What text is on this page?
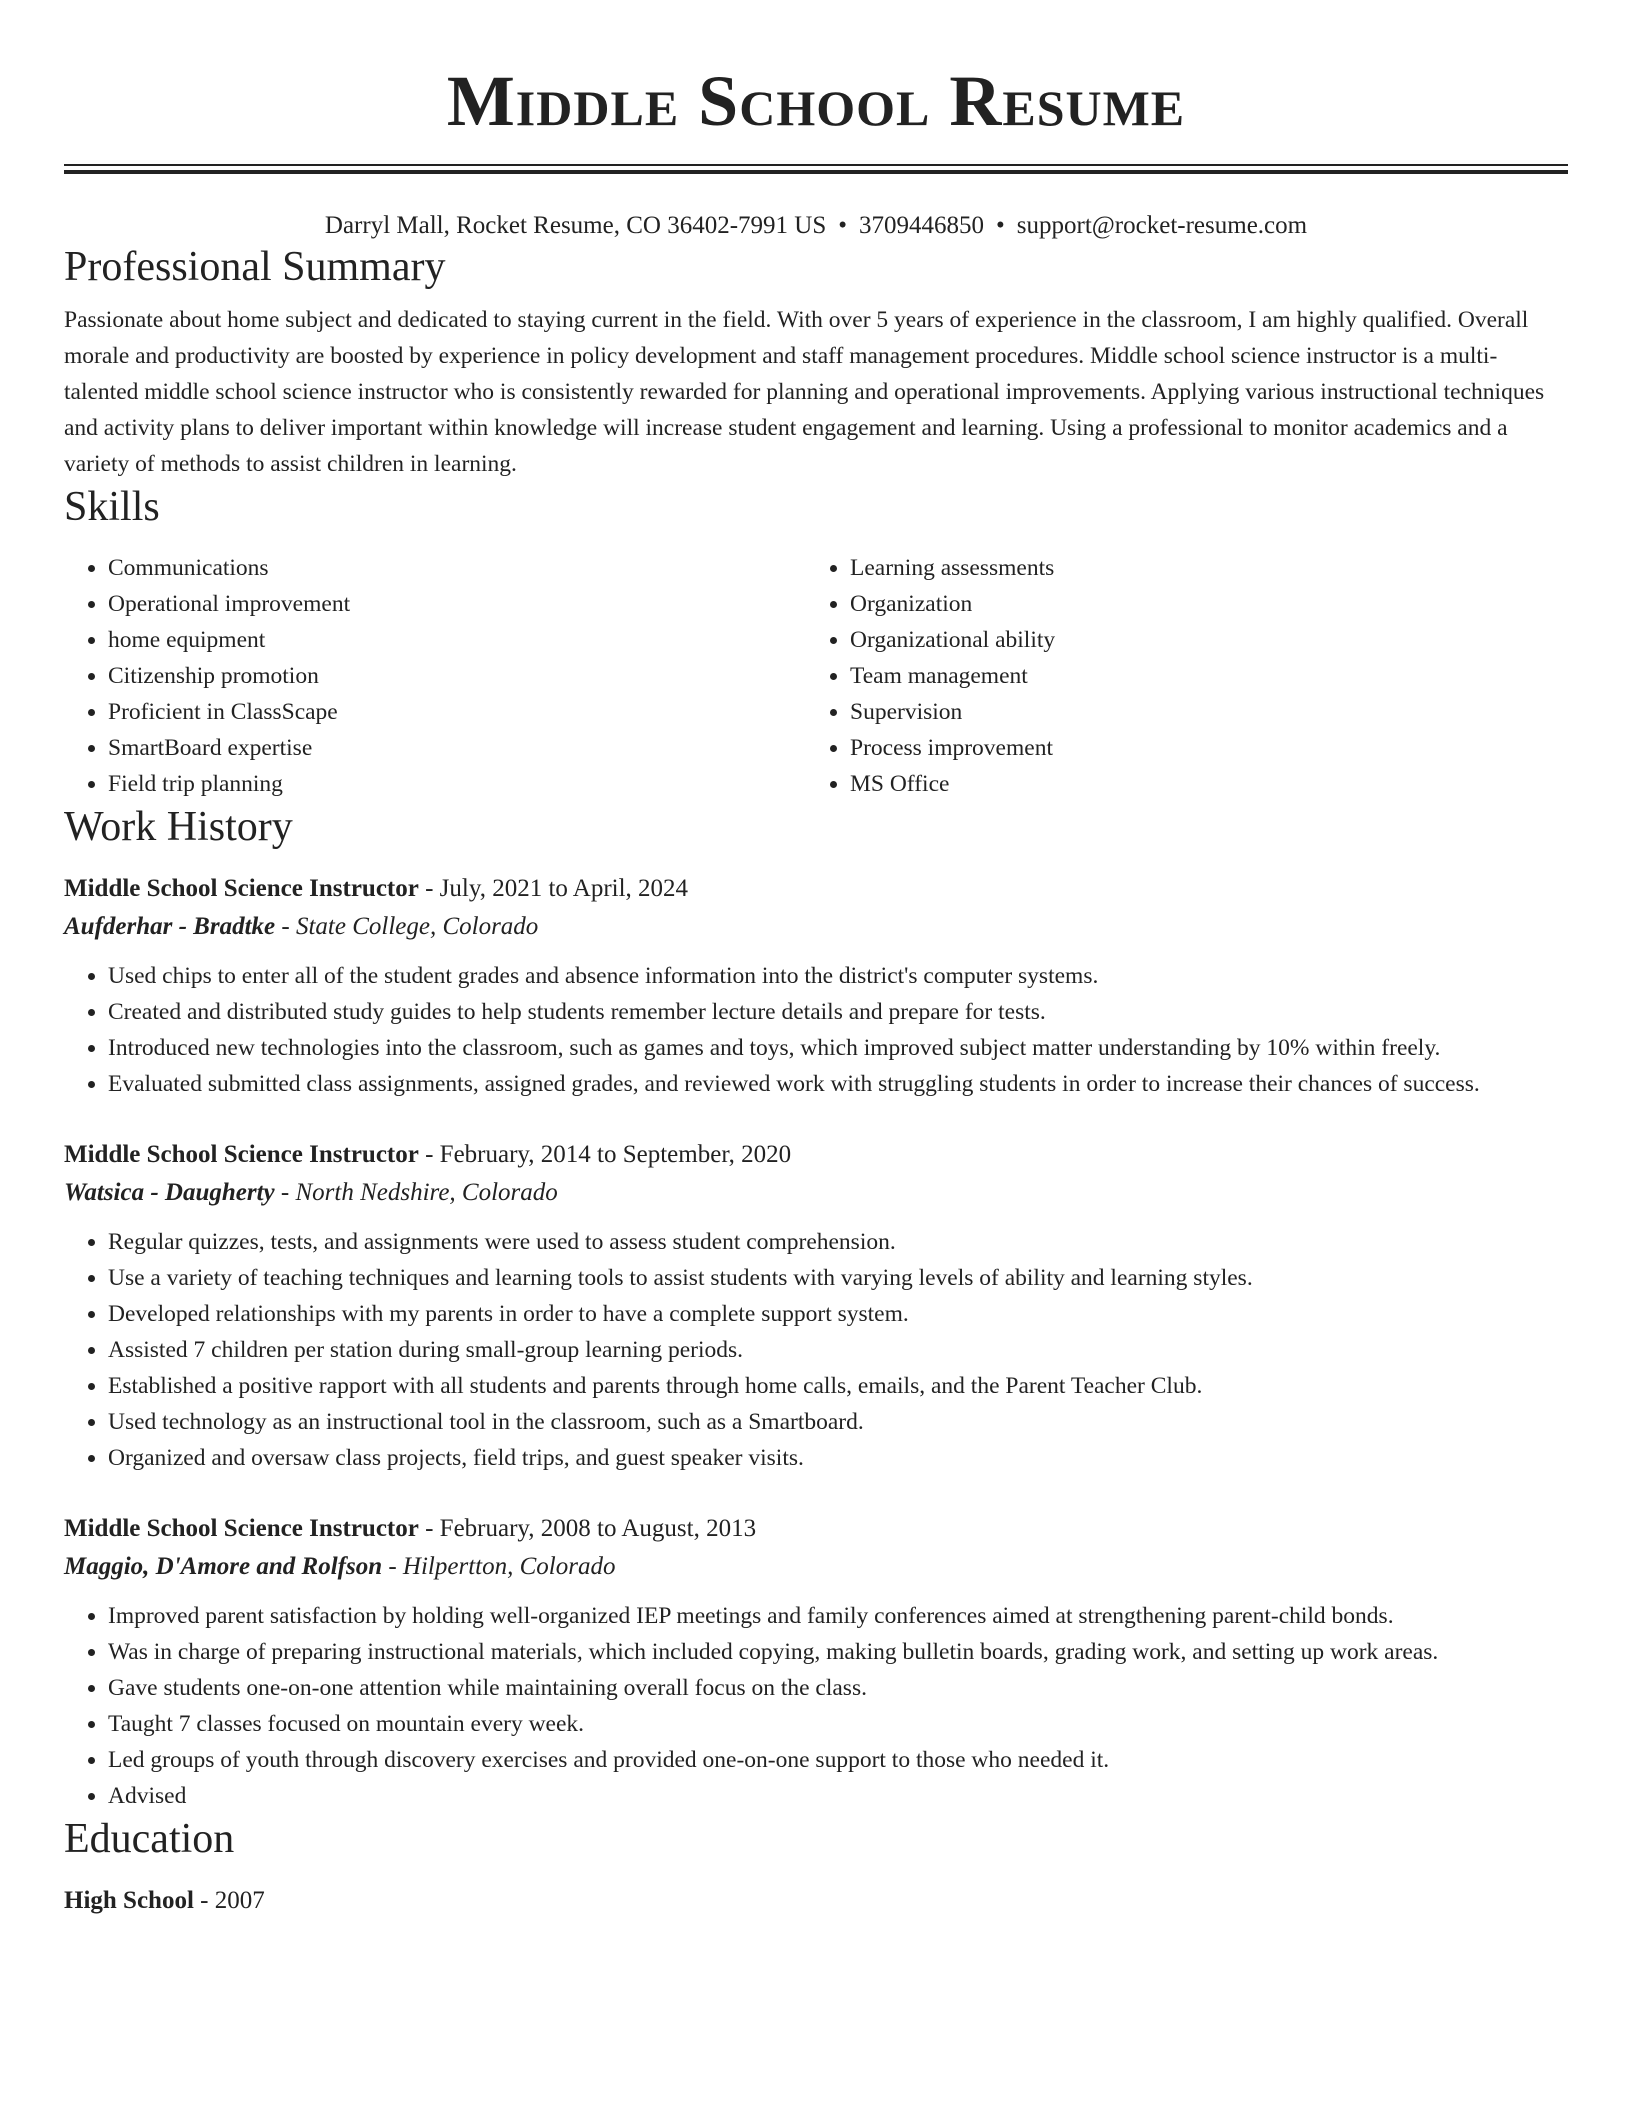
Middle School Resume
Darryl Mall, Rocket Resume, CO 36402-7991 US • 3709446850 • support@rocket-resume.com
Professional Summary

Passionate about home subject and dedicated to staying current in the field. With over 5 years of experience in the classroom, I am highly qualified. Overall morale and productivity are boosted by experience in policy development and staff management procedures. Middle school science instructor is a multi-talented middle school science instructor who is consistently rewarded for planning and operational improvements. Applying various instructional techniques and activity plans to deliver important within knowledge will increase student engagement and learning. Using a professional to monitor academics and a variety of methods to assist children in learning.

Skills
• Communications
• Operational improvement
• home equipment
• Citizenship promotion
• Proficient in ClassScape
• SmartBoard expertise
• Field trip planning
• Learning assessments
• Organization
• Organizational ability
• Team management
• Supervision
• Process improvement
• MS Office
Work History
Middle School Science Instructor - July, 2021 to April, 2024
Aufderhar - Bradtke - State College, Colorado
• Used chips to enter all of the student grades and absence information into the district's computer systems.
• Created and distributed study guides to help students remember lecture details and prepare for tests.
• Introduced new technologies into the classroom, such as games and toys, which improved subject matter understanding by 10% within freely.
• Evaluated submitted class assignments, assigned grades, and reviewed work with struggling students in order to increase their chances of success.
Middle School Science Instructor - February, 2014 to September, 2020
Watsica - Daugherty - North Nedshire, Colorado
• Regular quizzes, tests, and assignments were used to assess student comprehension.
• Use a variety of teaching techniques and learning tools to assist students with varying levels of ability and learning styles.
• Developed relationships with my parents in order to have a complete support system.
• Assisted 7 children per station during small-group learning periods.
• Established a positive rapport with all students and parents through home calls, emails, and the Parent Teacher Club.
• Used technology as an instructional tool in the classroom, such as a Smartboard.
• Organized and oversaw class projects, field trips, and guest speaker visits.
Middle School Science Instructor - February, 2008 to August, 2013
Maggio, D'Amore and Rolfson - Hilpertton, Colorado
• Improved parent satisfaction by holding well-organized IEP meetings and family conferences aimed at strengthening parent-child bonds.
• Was in charge of preparing instructional materials, which included copying, making bulletin boards, grading work, and setting up work areas.
• Gave students one-on-one attention while maintaining overall focus on the class.
• Taught 7 classes focused on mountain every week.
• Led groups of youth through discovery exercises and provided one-on-one support to those who needed it.
• Advised
Education
High School - 2007
